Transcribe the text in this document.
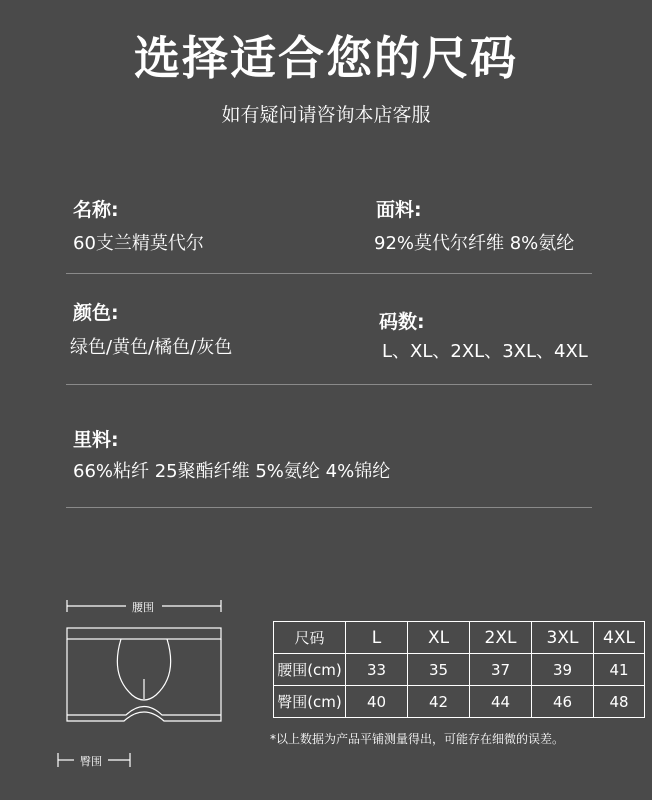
选择适合您的尺码
如有疑问请咨询本店客服
名称:
60支兰精莫代尔
面料:
92%莫代尔纤维 8%氨纶
颜色:
绿色/黄色/橘色/灰色
码数:
L、XL、2XL、3XL、4XL
里料:
66%粘纤 25聚酯纤维 5%氨纶 4%锦纶
腰围
臀围
尺码	L	XL	2XL	3XL	4XL
腰围(cm)	33	35	37	39	41
臀围(cm)	40	42	44	46	48
*以上数据为产品平铺测量得出，可能存在细微的误差。
